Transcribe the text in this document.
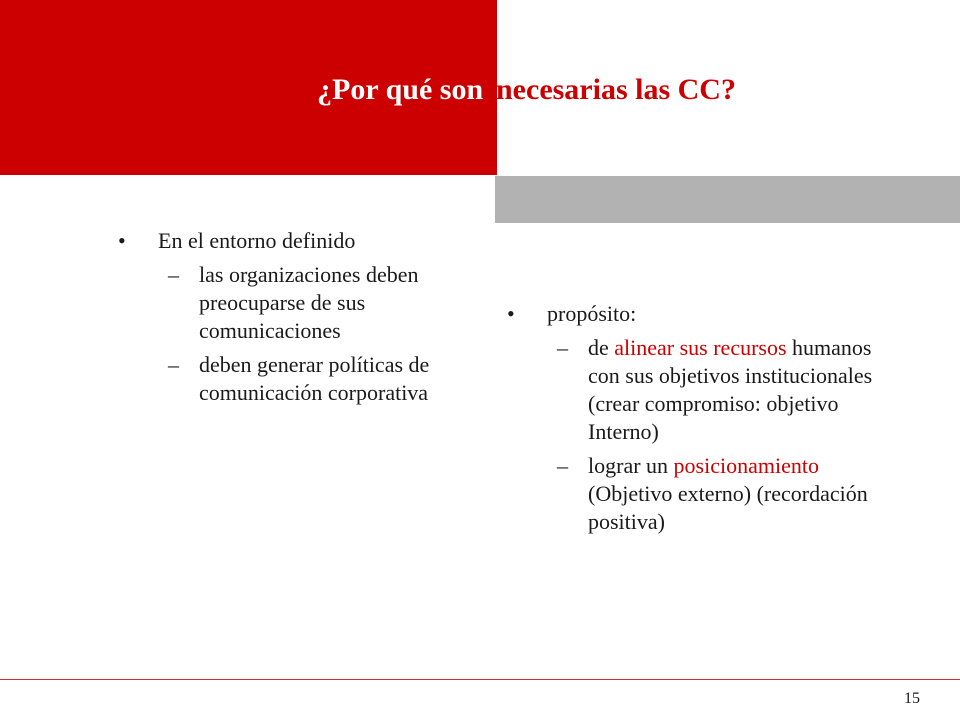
¿Por qué son necesarias las CC?
• En el entorno definido
– las organizaciones deben preocuparse de sus comunicaciones
– deben generar políticas de comunicación corporativa
• propósito:
– de alinear sus recursos humanos con sus objetivos institucionales (crear compromiso: objetivo Interno)
– lograr un posicionamiento (Objetivo externo) (recordación positiva)
15
